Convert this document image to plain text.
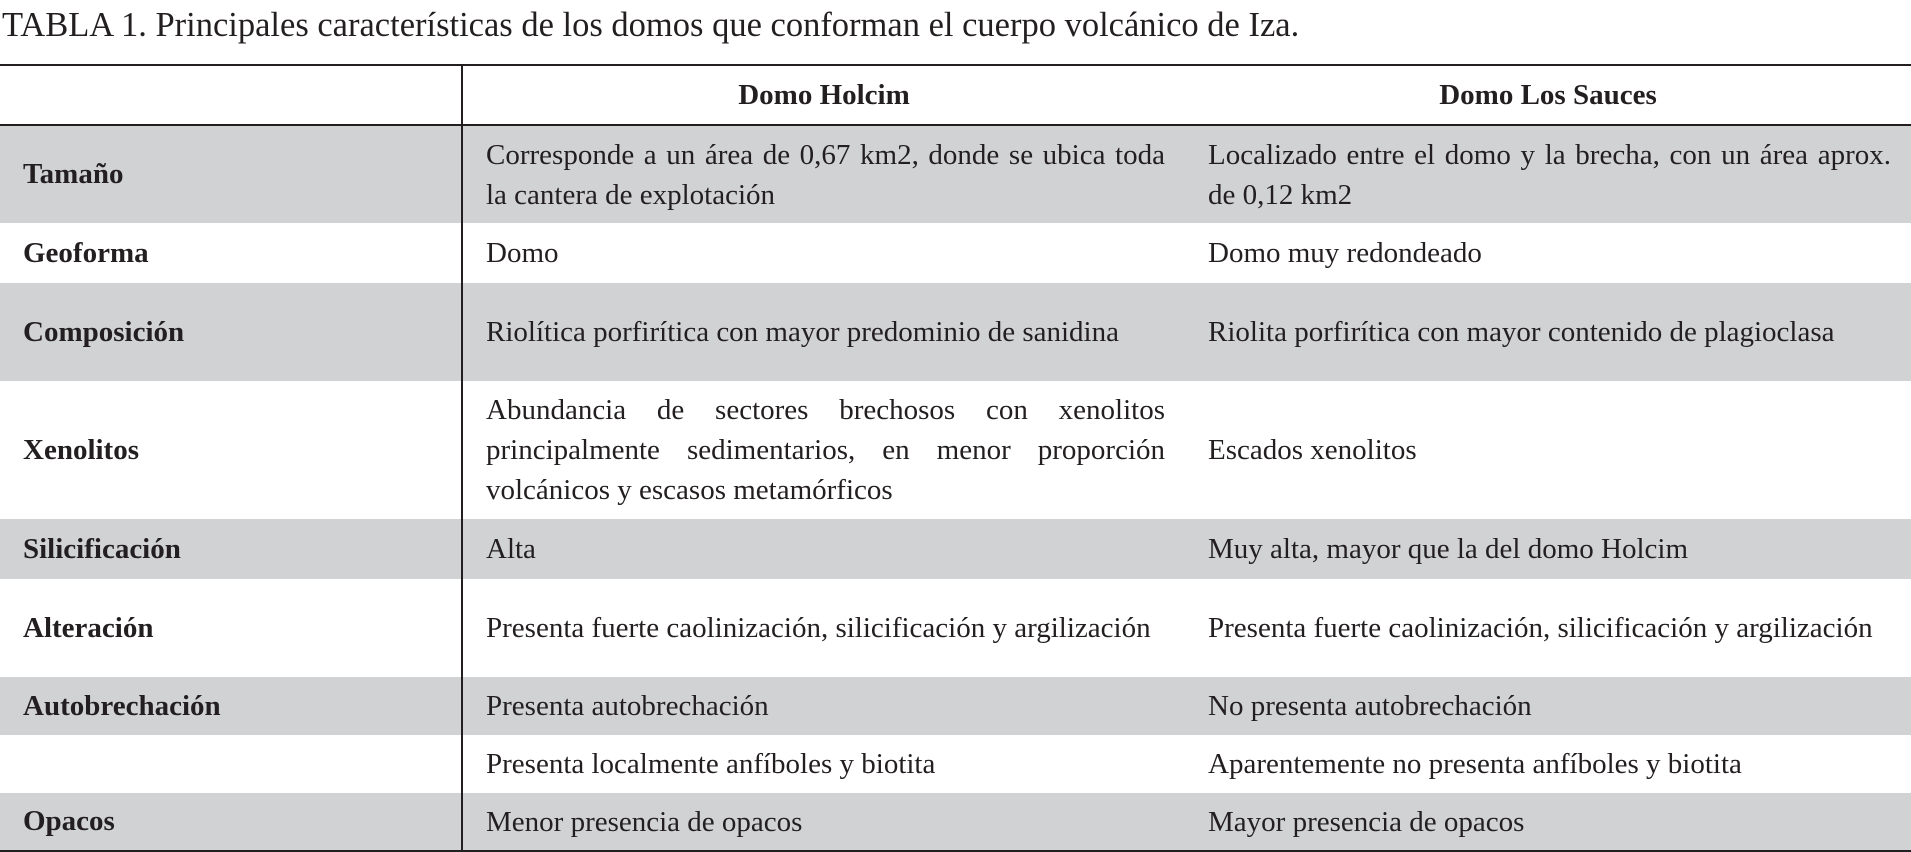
TABLA 1. Principales características de los domos que conforman el cuerpo volcánico de Iza.
	Domo Holcim	Domo Los Sauces
Tamaño	Corresponde a un área de 0,67 km2, donde se ubica toda la cantera de explotación	Localizado entre el domo y la brecha, con un área aprox. de 0,12 km2
Geoforma	Domo	Domo muy redondeado
Composición	Riolítica porfirítica con mayor predominio de sanidina	Riolita porfirítica con mayor contenido de plagioclasa
Xenolitos	Abundancia de sectores brechosos con xenolitos principalmente sedimentarios, en menor proporción volcánicos y escasos metamórficos	Escados xenolitos
Silicificación	Alta	Muy alta, mayor que la del domo Holcim
Alteración	Presenta fuerte caolinización, silicificación y argilización	Presenta fuerte caolinización, silicificación y argilización
Autobrechación	Presenta autobrechación	No presenta autobrechación
	Presenta localmente anfíboles y biotita	Aparentemente no presenta anfíboles y biotita
Opacos	Menor presencia de opacos	Mayor presencia de opacos
